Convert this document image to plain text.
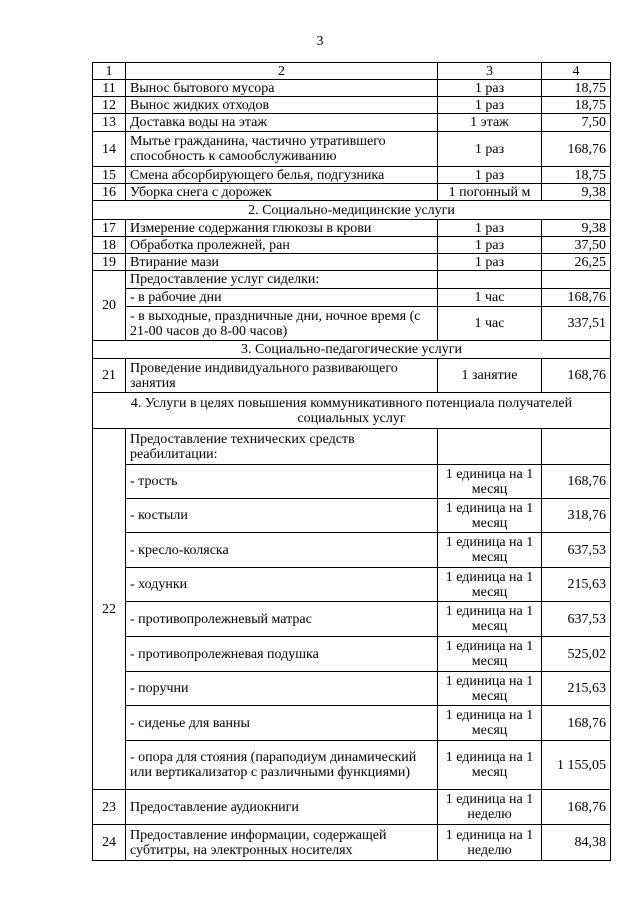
3
1	2	3	4
11	Вынос бытового мусора	1 раз	18,75
12	Вынос жидких отходов	1 раз	18,75
13	Доставка воды на этаж	1 этаж	7,50
14	Мытье гражданина, частично утратившего способность к самообслуживанию	1 раз	168,76
15	Смена абсорбирующего белья, подгузника	1 раз	18,75
16	Уборка снега с дорожек	1 погонный м	9,38
2. Социально-медицинские услуги			
17	Измерение содержания глюкозы в крови	1 раз	9,38
18	Обработка пролежней, ран	1 раз	37,50
19	Втирание мази	1 раз	26,25
20	Предоставление услуг сиделки:		
	- в рабочие дни	1 час	168,76
	- в выходные, праздничные дни, ночное время (с 21-00 часов до 8-00 часов)	1 час	337,51
3. Социально-педагогические услуги			
21	Проведение индивидуального развивающего занятия	1 занятие	168,76
4. Услуги в целях повышения коммуникативного потенциала получателей социальных услуг			
22	Предоставление технических средств реабилитации:		
	- трость	1 единица на 1 месяц	168,76
	- костыли	1 единица на 1 месяц	318,76
	- кресло-коляска	1 единица на 1 месяц	637,53
	- ходунки	1 единица на 1 месяц	215,63
	- противопролежневый матрас	1 единица на 1 месяц	637,53
	- противопролежневая подушка	1 единица на 1 месяц	525,02
	- поручни	1 единица на 1 месяц	215,63
	- сиденье для ванны	1 единица на 1 месяц	168,76
	- опора для стояния (параподиум динамический или вертикализатор с различными функциями)	1 единица на 1 месяц	1 155,05
23	Предоставление аудиокниги	1 единица на 1 неделю	168,76
24	Предоставление информации, содержащей субтитры, на электронных носителях	1 единица на 1 неделю	84,38
